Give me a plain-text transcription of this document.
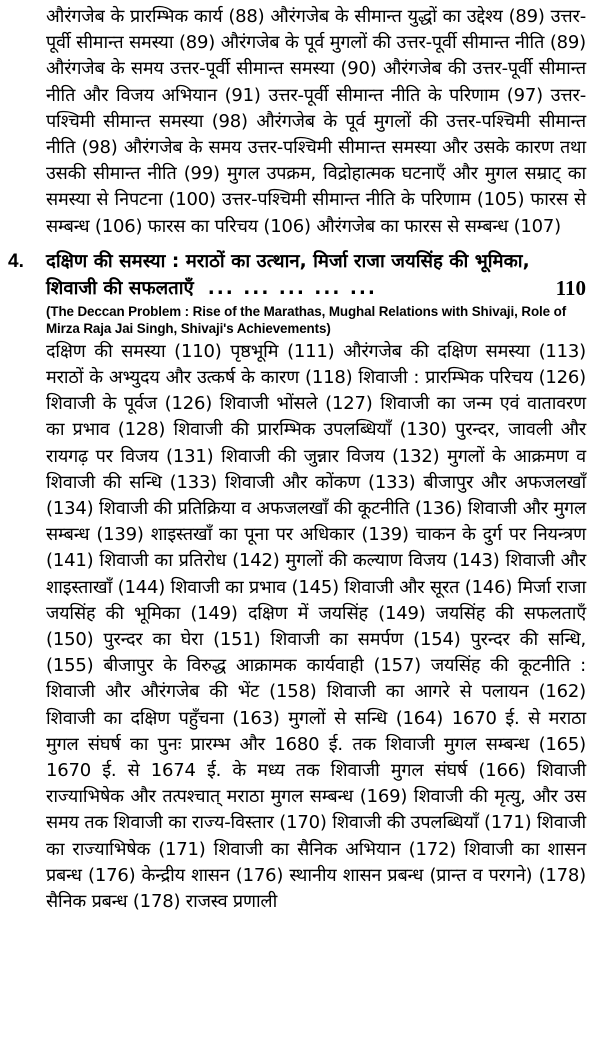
औरंगजेब के प्रारम्भिक कार्य (88) औरंगजेब के सीमान्त युद्धों का उद्देश्य (89) उत्तर-पूर्वी सीमान्त समस्या (89) औरंगजेब के पूर्व मुगलों की उत्तर-पूर्वी सीमान्त नीति (89) औरंगजेब के समय उत्तर-पूर्वी सीमान्त समस्या (90) औरंगजेब की उत्तर-पूर्वी सीमान्त नीति और विजय अभियान (91) उत्तर-पूर्वी सीमान्त नीति के परिणाम (97) उत्तर-पश्चिमी सीमान्त समस्या (98) औरंगजेब के पूर्व मुगलों की उत्तर-पश्चिमी सीमान्त नीति (98) औरंगजेब के समय उत्तर-पश्चिमी सीमान्त समस्या और उसके कारण तथा उसकी सीमान्त नीति (99) मुगल उपक्रम, विद्रोहात्मक घटनाएँ और मुगल सम्राट् का समस्या से निपटना (100) उत्तर-पश्चिमी सीमान्त नीति के परिणाम (105) फारस से सम्बन्ध (106) फारस का परिचय (106) औरंगजेब का फारस से सम्बन्ध (107)

4. दक्षिण की समस्या : मराठों का उत्थान, मिर्जा राजा जयसिंह की भूमिका, शिवाजी की सफलताएँ ... ... ... ... ...	110

(The Deccan Problem : Rise of the Marathas, Mughal Relations with Shivaji, Role of Mirza Raja Jai Singh, Shivaji's Achievements)

दक्षिण की समस्या (110) पृष्ठभूमि (111) औरंगजेब की दक्षिण समस्या (113) मराठों के अभ्युदय और उत्कर्ष के कारण (118) शिवाजी : प्रारम्भिक परिचय (126) शिवाजी के पूर्वज (126) शिवाजी भोंसले (127) शिवाजी का जन्म एवं वातावरण का प्रभाव (128) शिवाजी की प्रारम्भिक उपलब्धियाँ (130) पुरन्दर, जावली और रायगढ़ पर विजय (131) शिवाजी की जुन्नार विजय (132) मुगलों के आक्रमण व शिवाजी की सन्धि (133) शिवाजी और कोंकण (133) बीजापुर और अफजलखाँ (134) शिवाजी की प्रतिक्रिया व अफजलखाँ की कूटनीति (136) शिवाजी और मुगल सम्बन्ध (139) शाइस्तखाँ का पूना पर अधिकार (139) चाकन के दुर्ग पर नियन्त्रण (141) शिवाजी का प्रतिरोध (142) मुगलों की कल्याण विजय (143) शिवाजी और शाइस्ताखाँ (144) शिवाजी का प्रभाव (145) शिवाजी और सूरत (146) मिर्जा राजा जयसिंह की भूमिका (149) दक्षिण में जयसिंह (149) जयसिंह की सफलताएँ (150) पुरन्दर का घेरा (151) शिवाजी का समर्पण (154) पुरन्दर की सन्धि, (155) बीजापुर के विरुद्ध आक्रामक कार्यवाही (157) जयसिंह की कूटनीति : शिवाजी और औरंगजेब की भेंट (158) शिवाजी का आगरे से पलायन (162) शिवाजी का दक्षिण पहुँचना (163) मुगलों से सन्धि (164) 1670 ई. से मराठा मुगल संघर्ष का पुनः प्रारम्भ और 1680 ई. तक शिवाजी मुगल सम्बन्ध (165) 1670 ई. से 1674 ई. के मध्य तक शिवाजी मुगल संघर्ष (166) शिवाजी राज्याभिषेक और तत्पश्चात् मराठा मुगल सम्बन्ध (169) शिवाजी की मृत्यु, और उस समय तक शिवाजी का राज्य-विस्तार (170) शिवाजी की उपलब्धियाँ (171) शिवाजी का राज्याभिषेक (171) शिवाजी का सैनिक अभियान (172) शिवाजी का शासन प्रबन्ध (176) केन्द्रीय शासन (176) स्थानीय शासन प्रबन्ध (प्रान्त व परगने) (178) सैनिक प्रबन्ध (178) राजस्व प्रणाली
